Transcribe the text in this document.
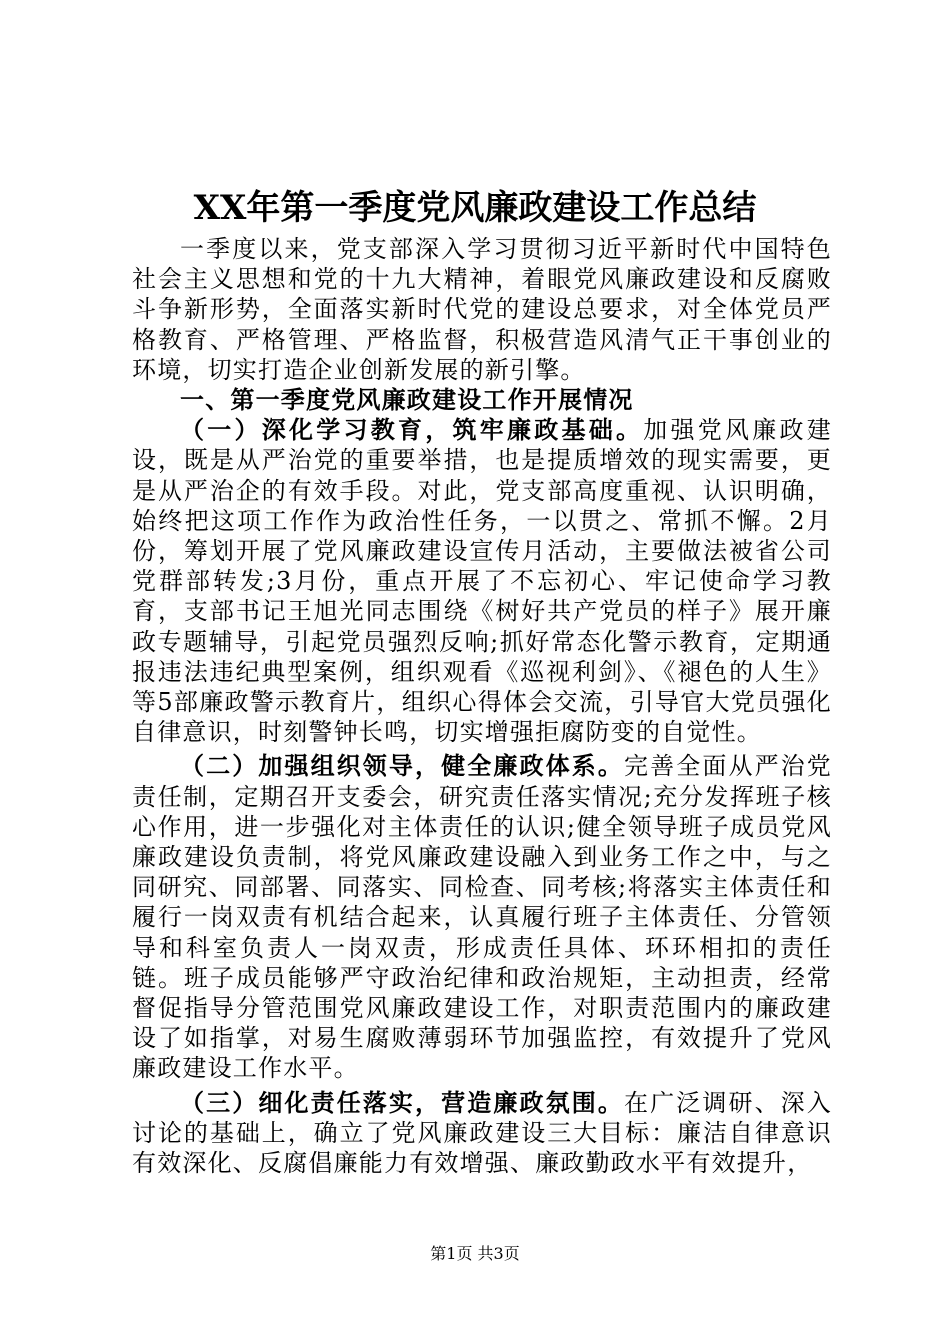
XX年第一季度党风廉政建设工作总结

一季度以来，党支部深入学习贯彻习近平新时代中国特色社会主义思想和党的十九大精神，着眼党风廉政建设和反腐败斗争新形势，全面落实新时代党的建设总要求，对全体党员严格教育、严格管理、严格监督，积极营造风清气正干事创业的环境，切实打造企业创新发展的新引擎。

一、第一季度党风廉政建设工作开展情况

（一）深化学习教育，筑牢廉政基础。加强党风廉政建设，既是从严治党的重要举措，也是提质增效的现实需要，更是从严治企的有效手段。对此，党支部高度重视、认识明确，始终把这项工作作为政治性任务，一以贯之、常抓不懈。2月份，筹划开展了党风廉政建设宣传月活动，主要做法被省公司党群部转发;3月份，重点开展了不忘初心、牢记使命学习教育，支部书记王旭光同志围绕《树好共产党员的样子》展开廉政专题辅导，引起党员强烈反响;抓好常态化警示教育，定期通报违法违纪典型案例，组织观看《巡视利剑》、《褪色的人生》等5部廉政警示教育片，组织心得体会交流，引导官大党员强化自律意识，时刻警钟长鸣，切实增强拒腐防变的自觉性。

（二）加强组织领导，健全廉政体系。完善全面从严治党责任制，定期召开支委会，研究责任落实情况;充分发挥班子核心作用，进一步强化对主体责任的认识;健全领导班子成员党风廉政建设负责制，将党风廉政建设融入到业务工作之中，与之同研究、同部署、同落实、同检查、同考核;将落实主体责任和履行一岗双责有机结合起来，认真履行班子主体责任、分管领导和科室负责人一岗双责，形成责任具体、环环相扣的责任链。班子成员能够严守政治纪律和政治规矩，主动担责，经常督促指导分管范围党风廉政建设工作，对职责范围内的廉政建设了如指掌，对易生腐败薄弱环节加强监控，有效提升了党风廉政建设工作水平。

（三）细化责任落实，营造廉政氛围。在广泛调研、深入讨论的基础上，确立了党风廉政建设三大目标：廉洁自律意识有效深化、反腐倡廉能力有效增强、廉政勤政水平有效提升，

第1页 共3页
